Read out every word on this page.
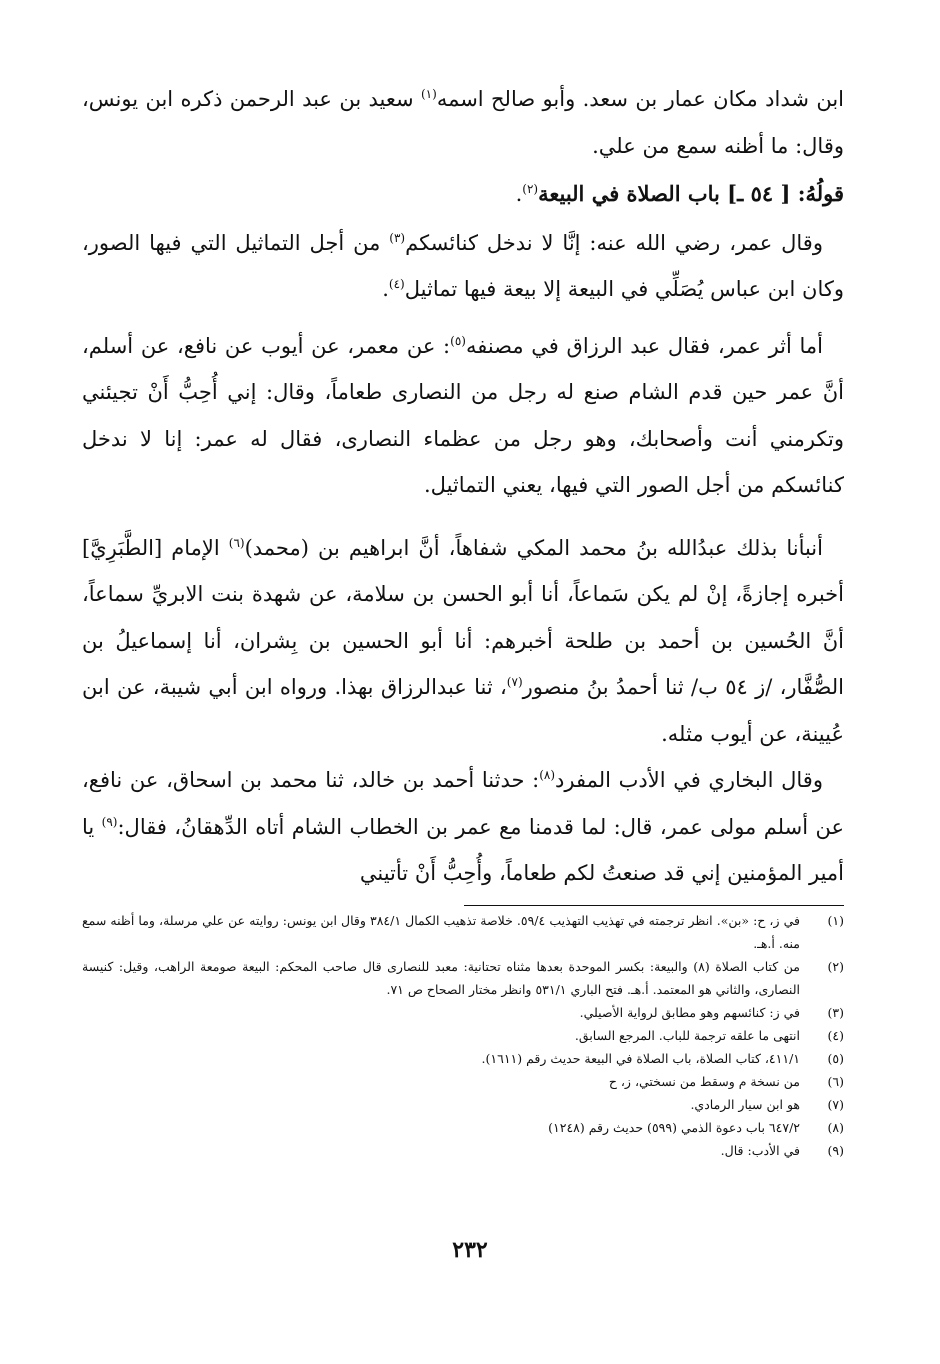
ابن شداد مكان عمار بن سعد. وأبو صالح اسمه$^{(١)}$ سعيد بن عبد الرحمن ذكره ابن يونس، وقال: ما أظنه سمع من علي.

قولُهُ: [ ٥٤ ـ] باب الصلاة في البيعة$^{(٢)}$.

 وقال عمر، رضي الله عنه: إنَّا لا ندخل كنائسكم$^{(٣)}$ من أجل التماثيل التي فيها الصور، وكان ابن عباس يُصَلِّي في البيعة إلا بيعة فيها تماثيل$^{(٤)}$.

 أما أثر عمر، فقال عبد الرزاق في مصنفه$^{(٥)}$: عن معمر، عن أيوب عن نافع، عن أسلم، أنَّ عمر حين قدم الشام صنع له رجل من النصارى طعاماً، وقال: إني أُحِبُّ أَنْ تجيئني وتكرمني أنت وأصحابك، وهو رجل من عظماء النصارى، فقال له عمر: إنا لا ندخل كنائسكم من أجل الصور التي فيها، يعني التماثيل.

 أنبأنا بذلك عبدُالله بنُ محمد المكي شفاهاً، أنَّ ابراهيم بن (محمد)$^{(٦)}$ الإمام [الطَّبَرِيَّ] أخبره إجازةً، إنْ لم يكن سَماعاً، أنا أبو الحسن بن سلامة، عن شهدة بنت الابريِّ سماعاً، أنَّ الحُسين بن أحمد بن طلحة أخبرهم: أنا أبو الحسين بن بِشران، أنا إسماعيلُ بن الصُّفَّار، /ز ٥٤ ب/ ثنا أحمدُ بنُ منصور$^{(٧)}$، ثنا عبدالرزاق بهذا. ورواه ابن أبي شيبة، عن ابن عُيينة، عن أيوب مثله.

 وقال البخاري في الأدب المفرد$^{(٨)}$: حدثنا أحمد بن خالد، ثنا محمد بن اسحاق، عن نافع، عن أسلم مولى عمر، قال: لما قدمنا مع عمر بن الخطاب الشام أتاه الدِّهقانُ، فقال:$^{(٩)}$ يا أمير المؤمنين إني قد صنعتُ لكم طعاماً، وأُحِبُّ أَنْ تأتيني

(١)
في ز، ح: «بن». انظر ترجمته في تهذيب التهذيب ٥٩/٤. خلاصة تذهيب الكمال ٣٨٤/١ وقال ابن يونس: روايته عن علي مرسلة، وما أظنه سمع منه. أ.هـ.
(٢)
من كتاب الصلاة (٨) والبيعة: بكسر الموحدة بعدها مثناه تحتانية: معبد للنصارى قال صاحب المحكم: البيعة صومعة الراهب، وقيل: كنيسة النصارى، والثاني هو المعتمد. أ.هـ. فتح الباري ٥٣١/١ وانظر مختار الصحاح ص ٧١.
(٣)
في ز: كنائسهم وهو مطابق لرواية الأصيلي.
(٤)
انتهى ما علقه ترجمة للباب. المرجع السابق.
(٥)
٤١١/١، كتاب الصلاة، باب الصلاة في البيعة حديث رقم (١٦١١).
(٦)
من نسخة م وسقط من نسختي، ز، ح
(٧)
هو ابن سيار الرمادي.
(٨)
٦٤٧/٢ باب دعوة الذمي (٥٩٩) حديث رقم (١٢٤٨)
(٩)
في الأدب: قال.
٢٣٢
